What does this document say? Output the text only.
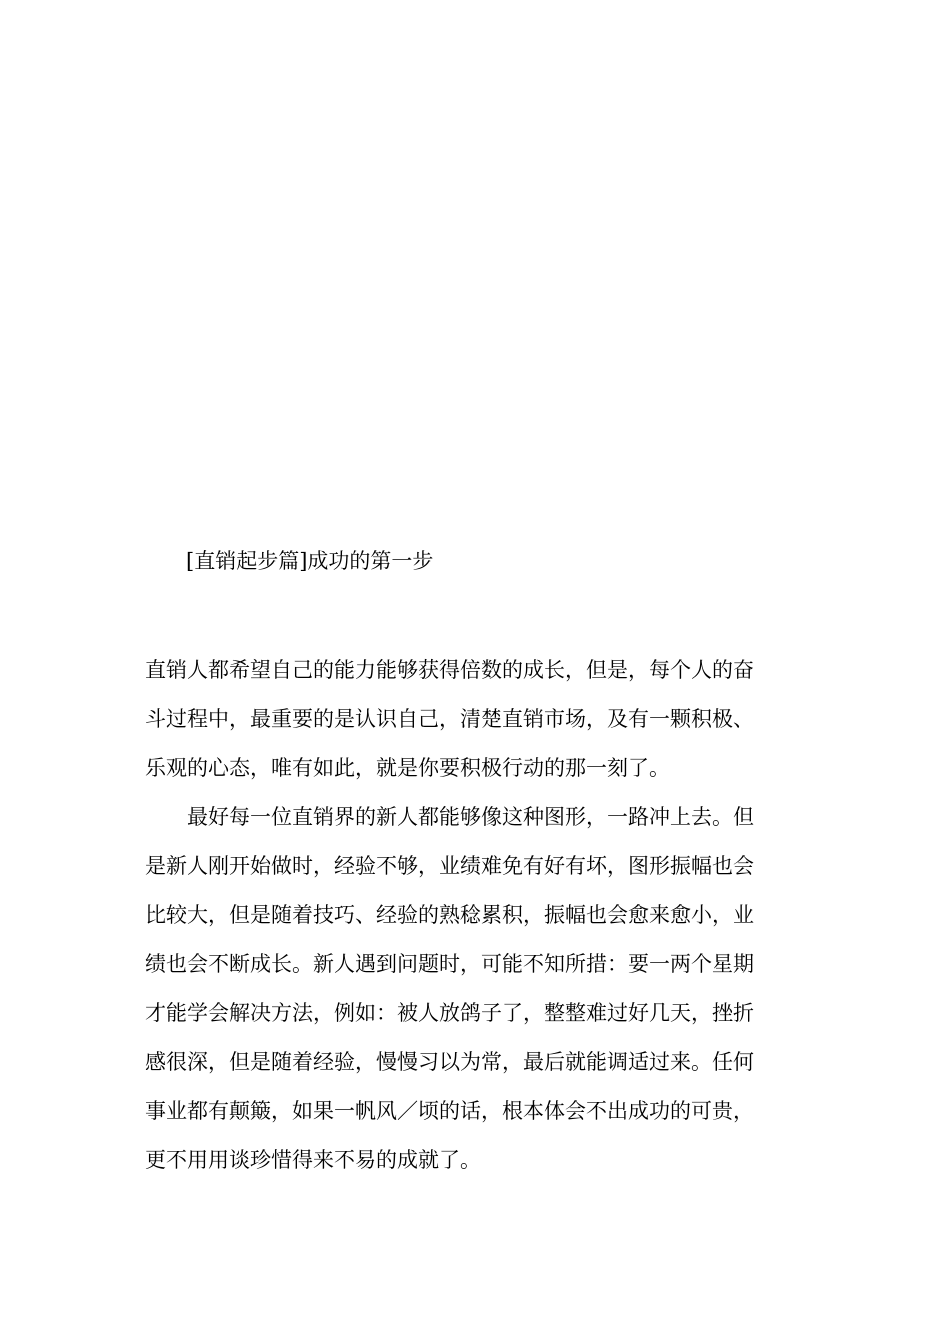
[直销起步篇]成功的第一步

直销人都希望自己的能力能够获得倍数的成长，但是，每个人的奋
斗过程中，最重要的是认识自己，清楚直销市场，及有一颗积极、
乐观的心态，唯有如此，就是你要积极行动的那一刻了。

最好每一位直销界的新人都能够像这种图形，一路冲上去。但
是新人刚开始做时，经验不够，业绩难免有好有坏，图形振幅也会
比较大，但是随着技巧、经验的熟稔累积，振幅也会愈来愈小，业
绩也会不断成长。新人遇到问题时，可能不知所措：要一两个星期
才能学会解决方法，例如：被人放鸽子了，整整难过好几天，挫折
感很深，但是随着经验，慢慢习以为常，最后就能调适过来。任何
事业都有颠簸，如果一帆风／顷的话，根本体会不出成功的可贵，
更不用用谈珍惜得来不易的成就了。
